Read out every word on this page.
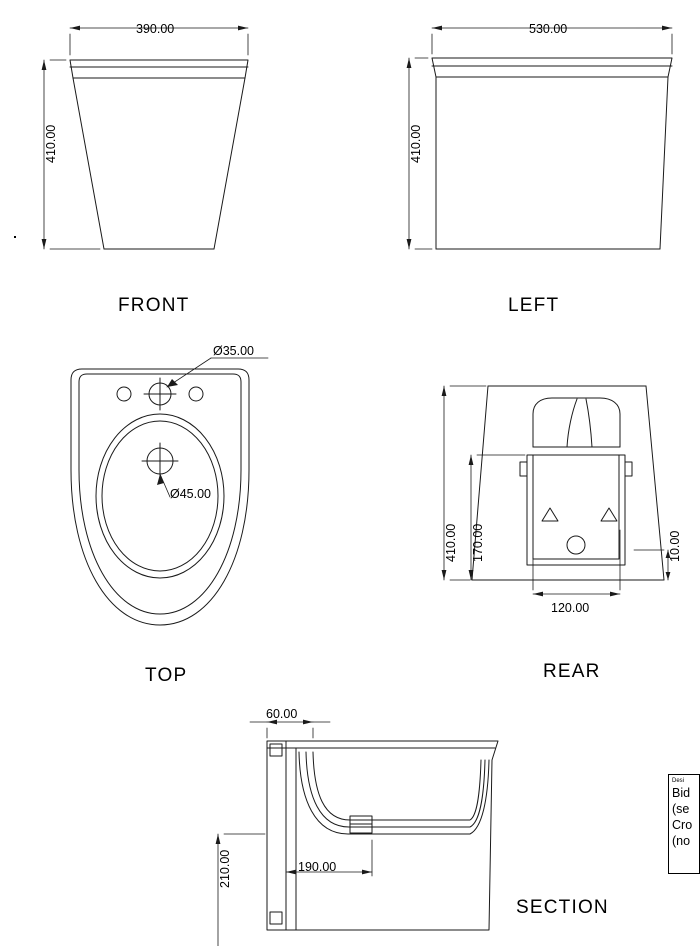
FRONT	LEFT
TOP	REAR
SECTION
390.00	530.00
410.00	410.00
Ø35.00
Ø45.00
410.00 170.00	10.00
120.00
60.00
210.00	190.00
Desi
Bid
(se
Cro
(no
